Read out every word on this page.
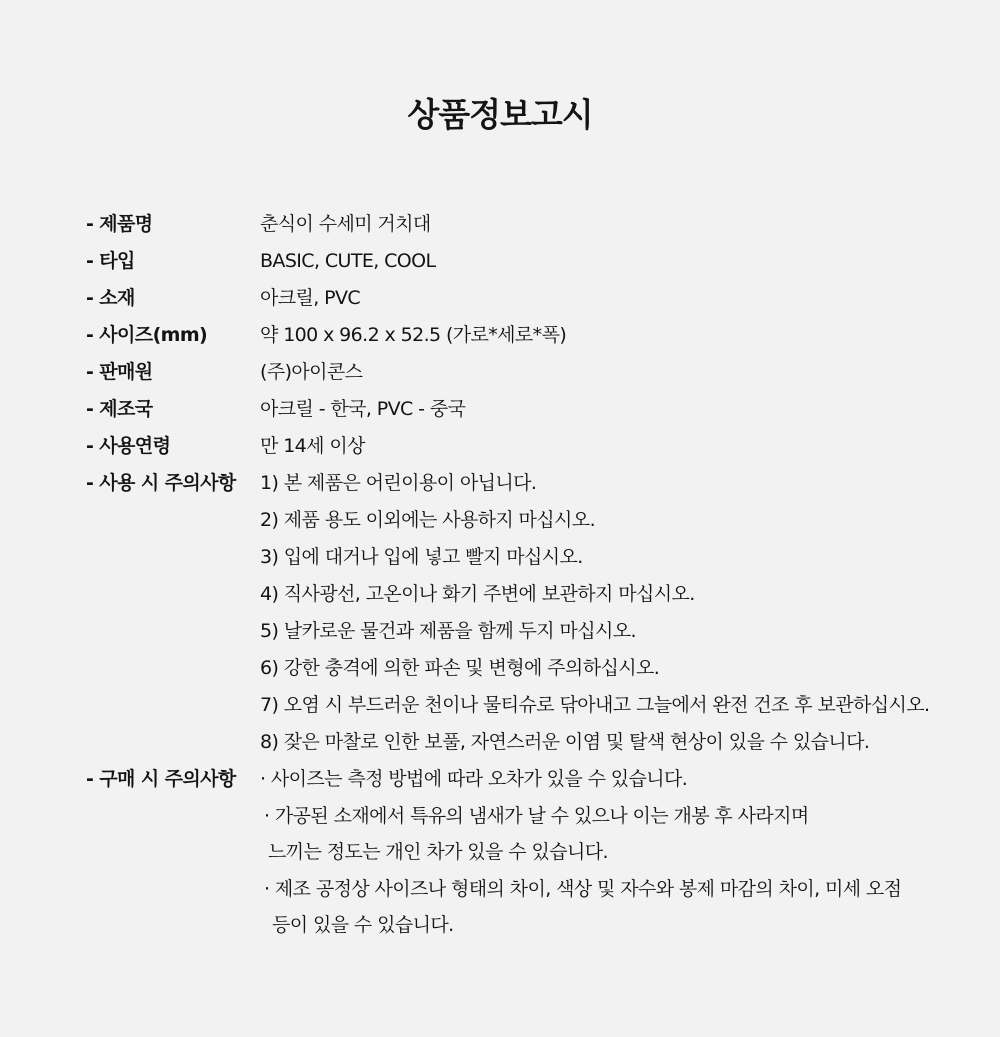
상품정보고시
- 제품명	춘식이 수세미 거치대
- 타입	BASIC, CUTE, COOL
- 소재	아크릴, PVC
- 사이즈(mm)	약 100 x 96.2 x 52.5 (가로*세로*폭)
- 판매원	(주)아이콘스
- 제조국	아크릴 - 한국, PVC - 중국
- 사용연령	만 14세 이상
- 사용 시 주의사항	1) 본 제품은 어린이용이 아닙니다.
2) 제품 용도 이외에는 사용하지 마십시오.
3) 입에 대거나 입에 넣고 빨지 마십시오.
4) 직사광선, 고온이나 화기 주변에 보관하지 마십시오.
5) 날카로운 물건과 제품을 함께 두지 마십시오.
6) 강한 충격에 의한 파손 및 변형에 주의하십시오.
7) 오염 시 부드러운 천이나 물티슈로 닦아내고 그늘에서 완전 건조 후 보관하십시오.
8) 잦은 마찰로 인한 보풀, 자연스러운 이염 및 탈색 현상이 있을 수 있습니다.
- 구매 시 주의사항	· 사이즈는 측정 방법에 따라 오차가 있을 수 있습니다.
· 가공된 소재에서 특유의 냄새가 날 수 있으나 이는 개봉 후 사라지며
느끼는 정도는 개인 차가 있을 수 있습니다.
· 제조 공정상 사이즈나 형태의 차이, 색상 및 자수와 봉제 마감의 차이, 미세 오점
등이 있을 수 있습니다.
